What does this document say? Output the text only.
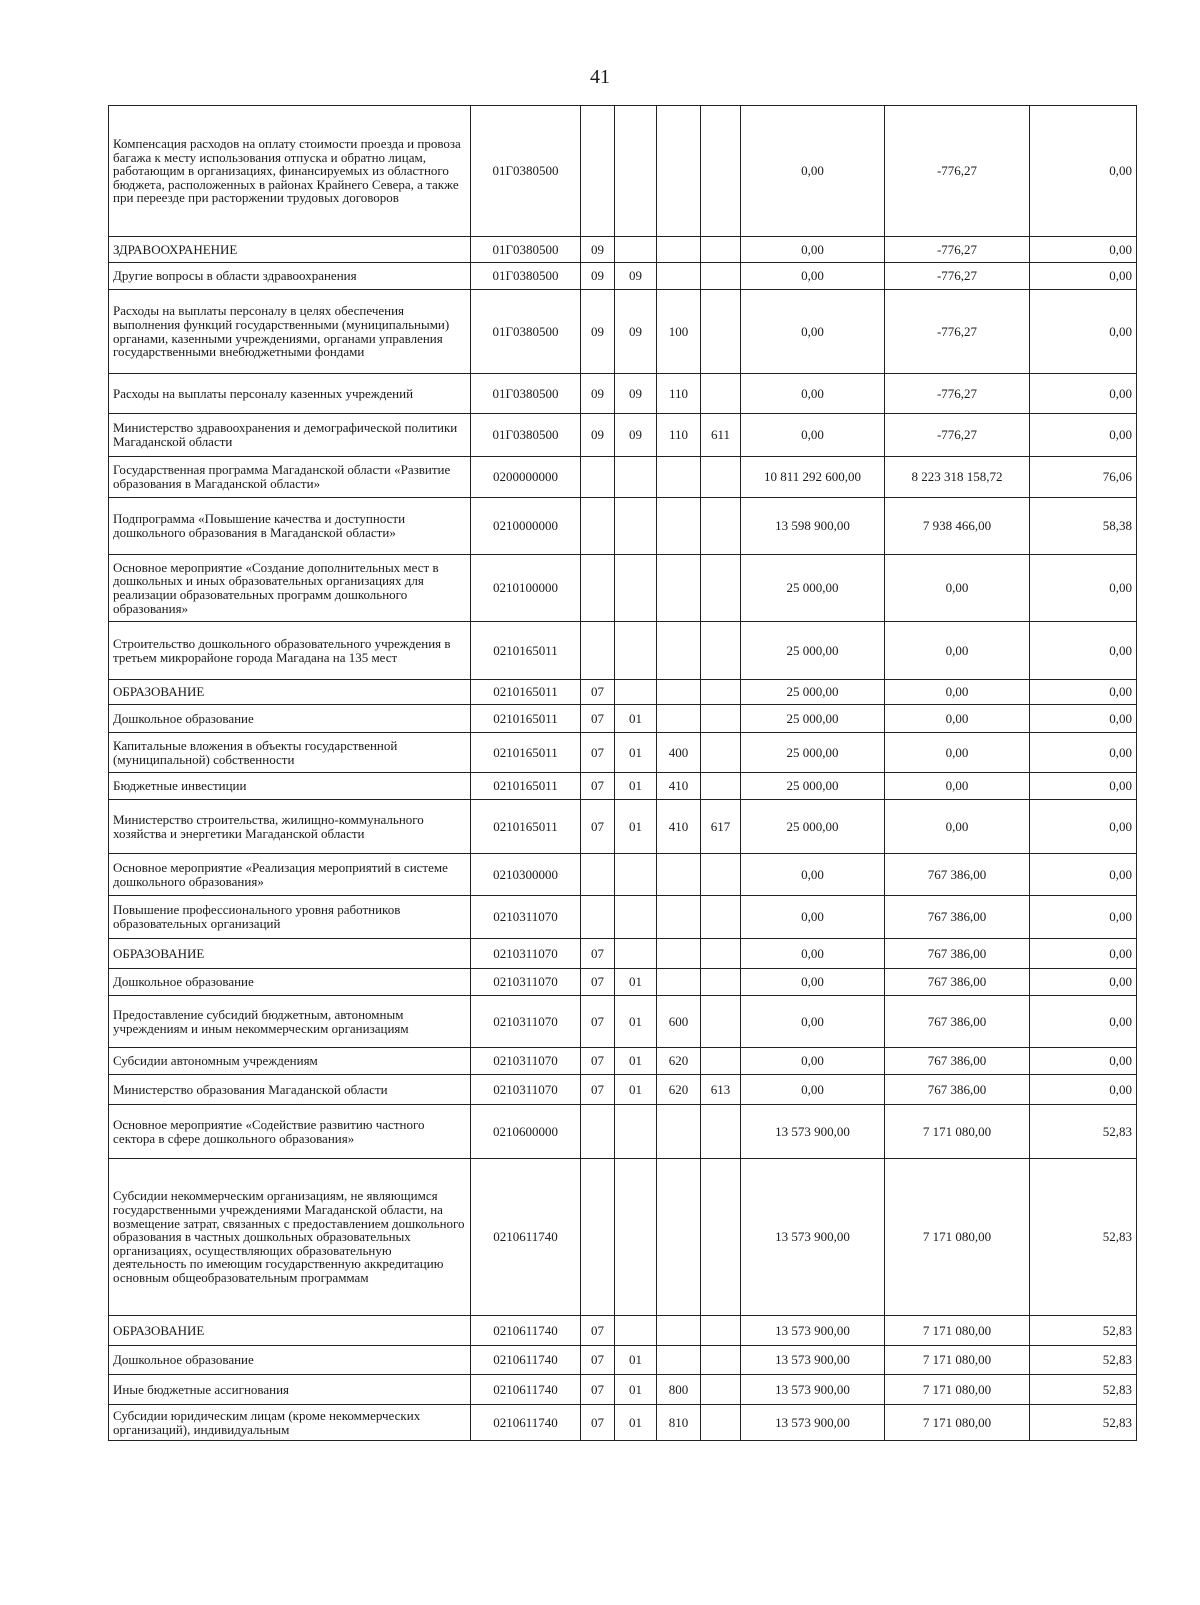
41
Компенсация расходов на оплату стоимости проезда и провоза багажа к месту использования отпуска и обратно лицам, работающим в организациях, финансируемых из областного бюджета, расположенных в районах Крайнего Севера, а также при переезде при расторжении трудовых договоров	01Г0380500					0,00	-776,27	0,00
ЗДРАВООХРАНЕНИЕ	01Г0380500	09				0,00	-776,27	0,00
Другие вопросы в области здравоохранения	01Г0380500	09	09			0,00	-776,27	0,00
Расходы на выплаты персоналу в целях обеспечения выполнения функций государственными (муниципальными) органами, казенными учреждениями, органами управления государственными внебюджетными фондами	01Г0380500	09	09	100		0,00	-776,27	0,00
Расходы на выплаты персоналу казенных учреждений	01Г0380500	09	09	110		0,00	-776,27	0,00
Министерство здравоохранения и демографической политики Магаданской области	01Г0380500	09	09	110	611	0,00	-776,27	0,00
Государственная программа Магаданской области «Развитие образования в Магаданской области»	0200000000					10 811 292 600,00	8 223 318 158,72	76,06
Подпрограмма «Повышение качества и доступности дошкольного образования в Магаданской области»	0210000000					13 598 900,00	7 938 466,00	58,38
Основное мероприятие «Создание дополнительных мест в дошкольных и иных образовательных организациях для реализации образовательных программ дошкольного образования»	0210100000					25 000,00	0,00	0,00
Строительство дошкольного образовательного учреждения в третьем микрорайоне города Магадана на 135 мест	0210165011					25 000,00	0,00	0,00
ОБРАЗОВАНИЕ	0210165011	07				25 000,00	0,00	0,00
Дошкольное образование	0210165011	07	01			25 000,00	0,00	0,00
Капитальные вложения в объекты государственной (муниципальной) собственности	0210165011	07	01	400		25 000,00	0,00	0,00
Бюджетные инвестиции	0210165011	07	01	410		25 000,00	0,00	0,00
Министерство строительства, жилищно-коммунального хозяйства и энергетики Магаданской области	0210165011	07	01	410	617	25 000,00	0,00	0,00
Основное мероприятие «Реализация мероприятий в системе дошкольного образования»	0210300000					0,00	767 386,00	0,00
Повышение профессионального уровня работников образовательных организаций	0210311070					0,00	767 386,00	0,00
ОБРАЗОВАНИЕ	0210311070	07				0,00	767 386,00	0,00
Дошкольное образование	0210311070	07	01			0,00	767 386,00	0,00
Предоставление субсидий бюджетным, автономным учреждениям и иным некоммерческим организациям	0210311070	07	01	600		0,00	767 386,00	0,00
Субсидии автономным учреждениям	0210311070	07	01	620		0,00	767 386,00	0,00
Министерство образования Магаданской области	0210311070	07	01	620	613	0,00	767 386,00	0,00
Основное мероприятие «Содействие развитию частного сектора в сфере дошкольного образования»	0210600000					13 573 900,00	7 171 080,00	52,83
Субсидии некоммерческим организациям, не являющимся государственными учреждениями Магаданской области, на возмещение затрат, связанных с предоставлением дошкольного образования в частных дошкольных образовательных организациях, осуществляющих образовательную деятельность по имеющим государственную аккредитацию основным общеобразовательным программам	0210611740					13 573 900,00	7 171 080,00	52,83
ОБРАЗОВАНИЕ	0210611740	07				13 573 900,00	7 171 080,00	52,83
Дошкольное образование	0210611740	07	01			13 573 900,00	7 171 080,00	52,83
Иные бюджетные ассигнования	0210611740	07	01	800		13 573 900,00	7 171 080,00	52,83
Субсидии юридическим лицам (кроме некоммерческих организаций), индивидуальным	0210611740	07	01	810		13 573 900,00	7 171 080,00	52,83
